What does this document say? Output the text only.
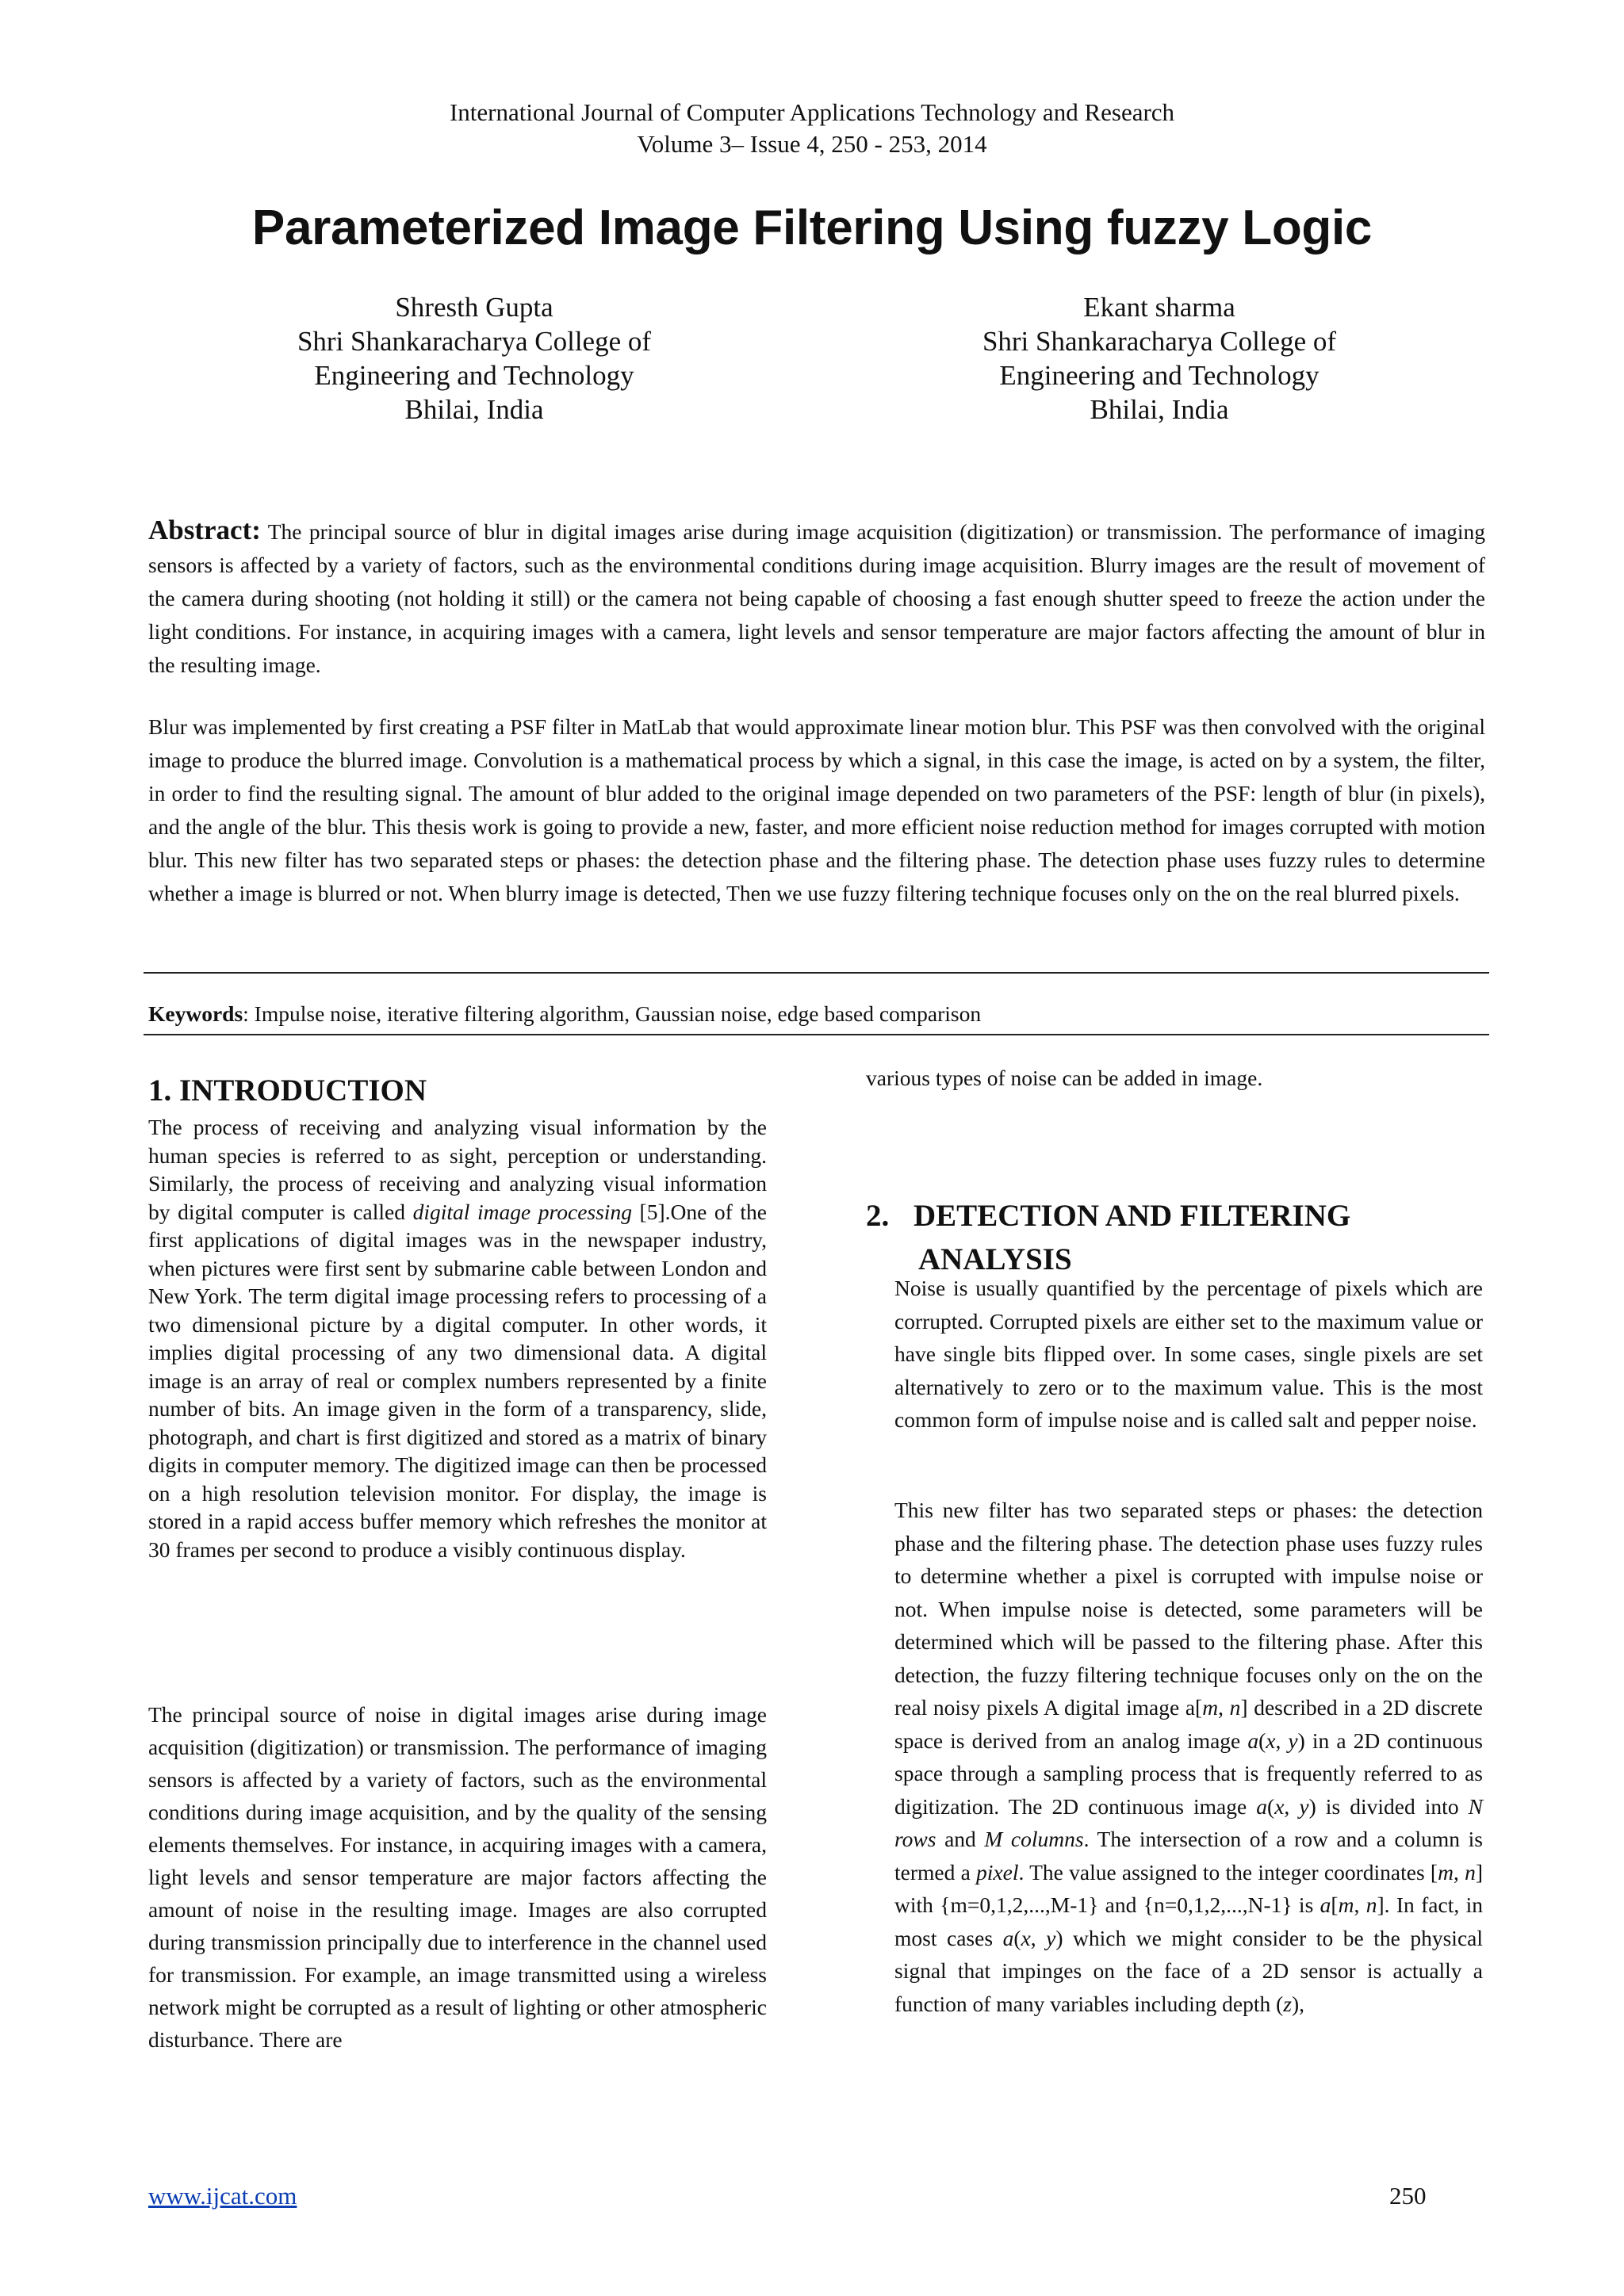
International Journal of Computer Applications Technology and Research
Volume 3– Issue 4, 250 - 253, 2014
Parameterized Image Filtering Using fuzzy Logic
Shresth Gupta
Shri Shankaracharya College of
Engineering and Technology
Bhilai, India
Ekant sharma
Shri Shankaracharya College of
Engineering and Technology
Bhilai, India

Abstract: The principal source of blur in digital images arise during image acquisition (digitization) or transmission. The performance of imaging sensors is affected by a variety of factors, such as the environmental conditions during image acquisition. Blurry images are the result of movement of the camera during shooting (not holding it still) or the camera not being capable of choosing a fast enough shutter speed to freeze the action under the light conditions. For instance, in acquiring images with a camera, light levels and sensor temperature are major factors affecting the amount of blur in the resulting image.

Blur was implemented by first creating a PSF filter in MatLab that would approximate linear motion blur. This PSF was then convolved with the original image to produce the blurred image. Convolution is a mathematical process by which a signal, in this case the image, is acted on by a system, the filter, in order to find the resulting signal. The amount of blur added to the original image depended on two parameters of the PSF: length of blur (in pixels), and the angle of the blur. This thesis work is going to provide a new, faster, and more efficient noise reduction method for images corrupted with motion blur. This new filter has two separated steps or phases: the detection phase and the filtering phase. The detection phase uses fuzzy rules to determine whether a image is blurred or not. When blurry image is detected, Then we use fuzzy filtering technique focuses only on the on the real blurred pixels.

Keywords: Impulse noise, iterative filtering algorithm, Gaussian noise, edge based comparison
1. INTRODUCTION

The process of receiving and analyzing visual information by the human species is referred to as sight, perception or understanding. Similarly, the process of receiving and analyzing visual information by digital computer is called digital image processing [5].One of the first applications of digital images was in the newspaper industry, when pictures were first sent by submarine cable between London and New York. The term digital image processing refers to processing of a two dimensional picture by a digital computer. In other words, it implies digital processing of any two dimensional data. A digital image is an array of real or complex numbers represented by a finite number of bits. An image given in the form of a transparency, slide, photograph, and chart is first digitized and stored as a matrix of binary digits in computer memory. The digitized image can then be processed on a high resolution television monitor. For display, the image is stored in a rapid access buffer memory which refreshes the monitor at 30 frames per second to produce a visibly continuous display.

The principal source of noise in digital images arise during image acquisition (digitization) or transmission. The performance of imaging sensors is affected by a variety of factors, such as the environmental conditions during image acquisition, and by the quality of the sensing elements themselves. For instance, in acquiring images with a camera, light levels and sensor temperature are major factors affecting the amount of noise in the resulting image. Images are also corrupted during transmission principally due to interference in the channel used for transmission. For example, an image transmitted using a wireless network might be corrupted as a result of lighting or other atmospheric disturbance. There are

various types of noise can be added in image.

2. DETECTION AND FILTERING
ANALYSIS

Noise is usually quantified by the percentage of pixels which are corrupted. Corrupted pixels are either set to the maximum value or have single bits flipped over. In some cases, single pixels are set alternatively to zero or to the maximum value. This is the most common form of impulse noise and is called salt and pepper noise.

This new filter has two separated steps or phases: the detection phase and the filtering phase. The detection phase uses fuzzy rules to determine whether a pixel is corrupted with impulse noise or not. When impulse noise is detected, some parameters will be determined which will be passed to the filtering phase. After this detection, the fuzzy filtering technique focuses only on the on the real noisy pixels A digital image a[m, n] described in a 2D discrete space is derived from an analog image a(x, y) in a 2D continuous space through a sampling process that is frequently referred to as digitization. The 2D continuous image a(x, y) is divided into N rows and M columns. The intersection of a row and a column is termed a pixel. The value assigned to the integer coordinates [m, n] with {m=0,1,2,...,M-1} and {n=0,1,2,...,N-1} is a[m, n]. In fact, in most cases a(x, y) which we might consider to be the physical signal that impinges on the face of a 2D sensor is actually a function of many variables including depth (z),

www.ijcat.com	250
